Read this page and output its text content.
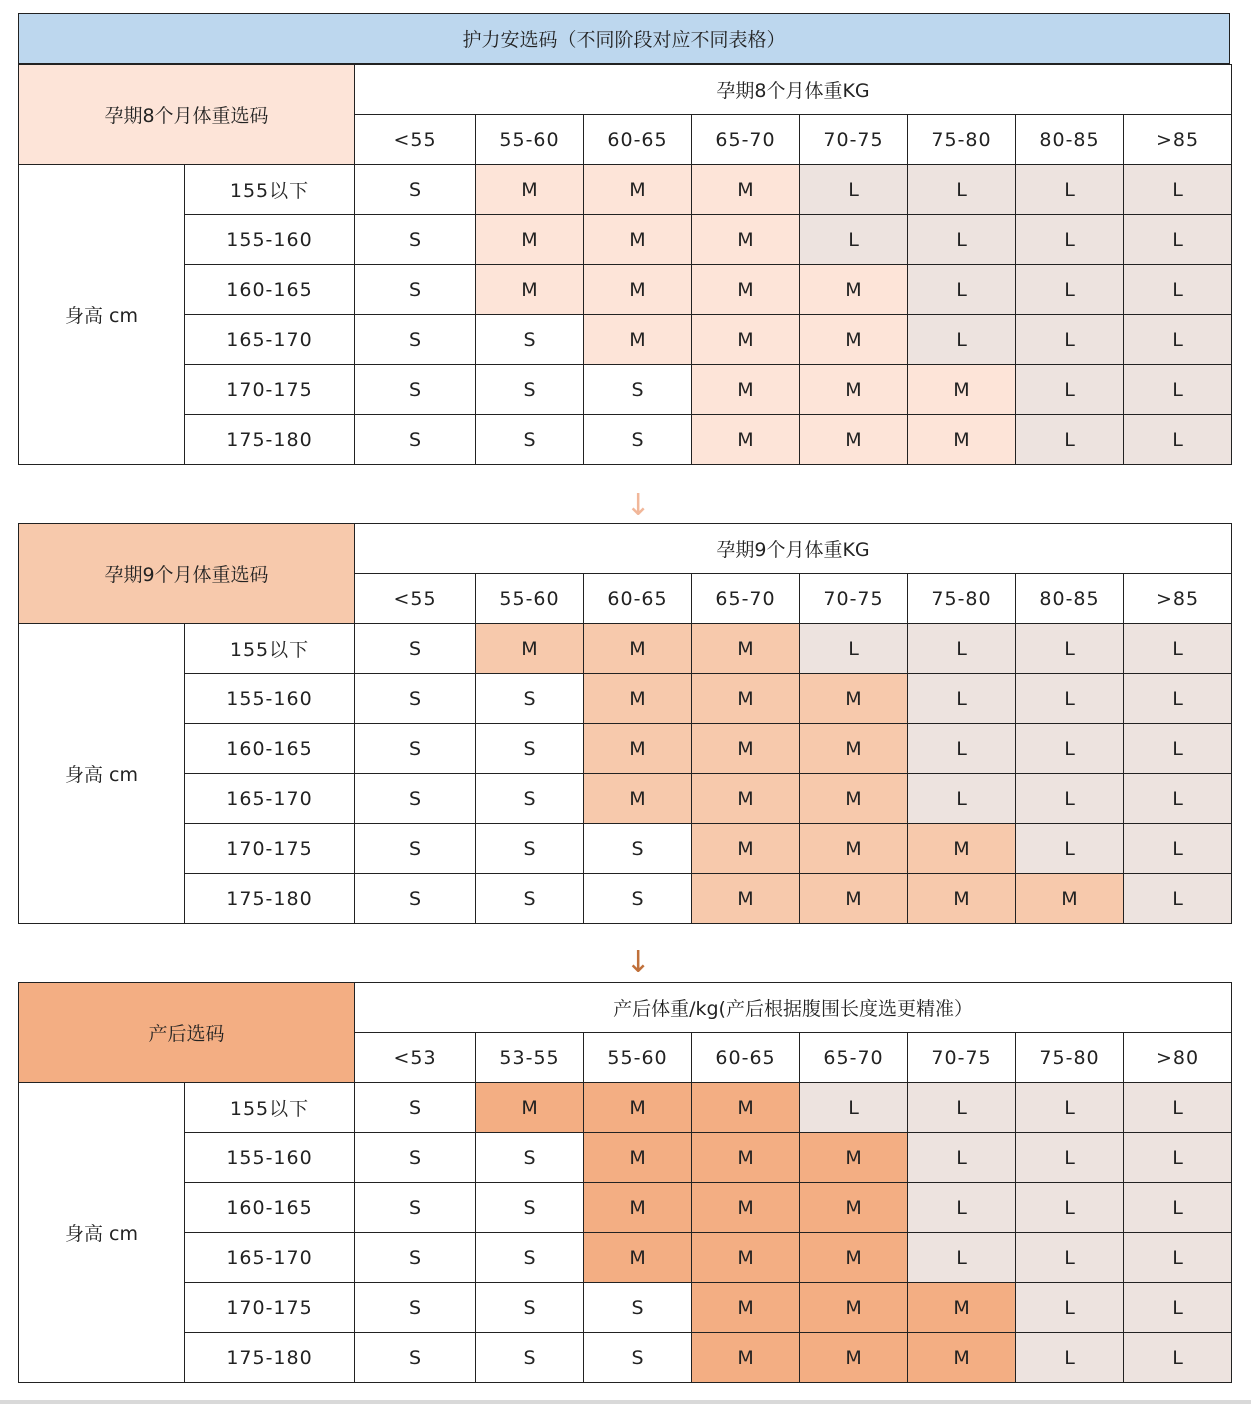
护力安选码（不同阶段对应不同表格）
孕期8个月体重选码		孕期8个月体重KG							
		<55	55-60	60-65	65-70	70-75	75-80	80-85	>85
身高 cm	155以下	S	M	M	M	L	L	L	L
	155-160	S	M	M	M	L	L	L	L
	160-165	S	M	M	M	M	L	L	L
	165-170	S	S	M	M	M	L	L	L
	170-175	S	S	S	M	M	M	L	L
	175-180	S	S	S	M	M	M	L	L
↓
孕期9个月体重选码		孕期9个月体重KG							
		<55	55-60	60-65	65-70	70-75	75-80	80-85	>85
身高 cm	155以下	S	M	M	M	L	L	L	L
	155-160	S	S	M	M	M	L	L	L
	160-165	S	S	M	M	M	L	L	L
	165-170	S	S	M	M	M	L	L	L
	170-175	S	S	S	M	M	M	L	L
	175-180	S	S	S	M	M	M	M	L
↓
产后选码		产后体重/kg(产后根据腹围长度选更精准）							
		<53	53-55	55-60	60-65	65-70	70-75	75-80	>80
身高 cm	155以下	S	M	M	M	L	L	L	L
	155-160	S	S	M	M	M	L	L	L
	160-165	S	S	M	M	M	L	L	L
	165-170	S	S	M	M	M	L	L	L
	170-175	S	S	S	M	M	M	L	L
	175-180	S	S	S	M	M	M	L	L
